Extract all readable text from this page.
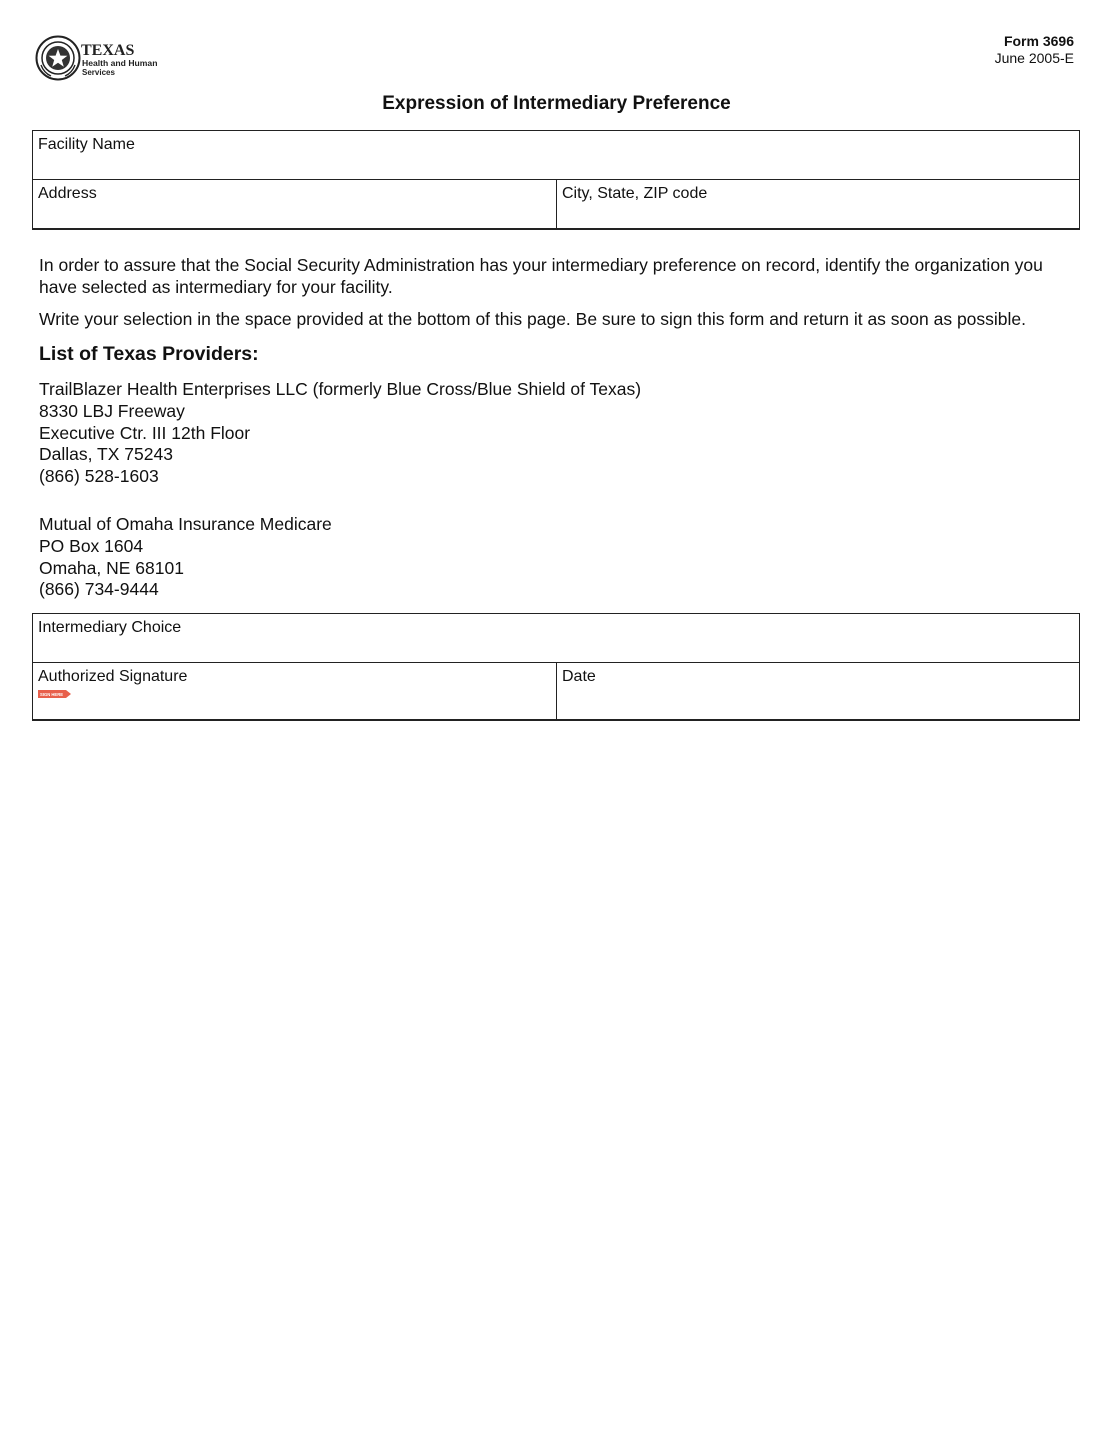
TEXAS
Health and Human
Services
Form 3696
June 2005-E
Expression of Intermediary Preference
Facility Name
Address	City, State, ZIP code

In order to assure that the Social Security Administration has your intermediary preference on record, identify the organization you have selected as intermediary for your facility.

Write your selection in the space provided at the bottom of this page. Be sure to sign this form and return it as soon as possible.

List of Texas Providers:
TrailBlazer Health Enterprises LLC (formerly Blue Cross/Blue Shield of Texas)
8330 LBJ Freeway
Executive Ctr. III 12th Floor
Dallas, TX 75243
(866) 528-1603
Mutual of Omaha Insurance Medicare
PO Box 1604
Omaha, NE 68101
(866) 734-9444
Intermediary Choice
Authorized Signature
SIGN HERE
Date
